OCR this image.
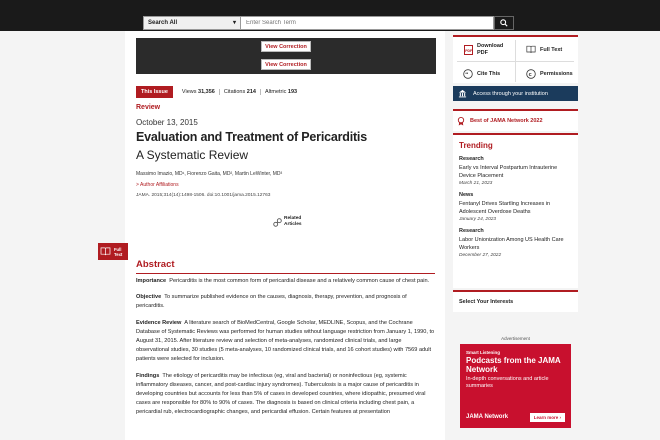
Search All	▾
Enter Search Term
View Correction
View Correction
This Issue	Views 31,356	Citations 214	Altmetric 193
Review
October 13, 2015
Evaluation and Treatment of Pericarditis
A Systematic Review
Massimo Imazio, MD¹, Fiorenzo Gaita, MD², Martin LeWinter, MD³
> Author Affiliations
JAMA. 2015;314(14):1498-1506. doi:10.1001/jama.2015.12763
Related
Articles
Abstract

Importance Pericarditis is the most common form of pericardial disease and a relatively common cause of chest pain.

Objective To summarize published evidence on the causes, diagnosis, therapy, prevention, and prognosis of pericarditis.

Evidence Review A literature search of BioMedCentral, Google Scholar, MEDLINE, Scopus, and the Cochrane Database of Systematic Reviews was performed for human studies without language restriction from January 1, 1990, to August 31, 2015. After literature review and selection of meta-analyses, randomized clinical trials, and large observational studies, 30 studies (5 meta-analyses, 10 randomized clinical trials, and 16 cohort studies) with 7569 adult patients were selected for inclusion.

Findings The etiology of pericarditis may be infectious (eg, viral and bacterial) or noninfectious (eg, systemic inflammatory diseases, cancer, and post-cardiac injury syndromes). Tuberculosis is a major cause of pericarditis in developing countries but accounts for less than 5% of cases in developed countries, where idiopathic, presumed viral cases are responsible for 80% to 90% of cases. The diagnosis is based on clinical criteria including chest pain, a pericardial rub, electrocardiographic changes, and pericardial effusion. Certain features at presentation

Full
Text
PDF
Download PDF	Full Text
“ Cite This	c Permissions
Access through your institution
Best of JAMA Network 2022
Trending
Research
Early vs Interval Postpartum Intrauterine Device Placement
March 21, 2023
News
Fentanyl Drives Startling Increases in Adolescent Overdose Deaths
January 24, 2023
Research
Labor Unionization Among US Health Care Workers
December 27, 2022
Select Your Interests
Advertisement
Smart Listening
Podcasts from the JAMA Network
In-depth conversations and article summaries
JAMA Network	Learn more ›
